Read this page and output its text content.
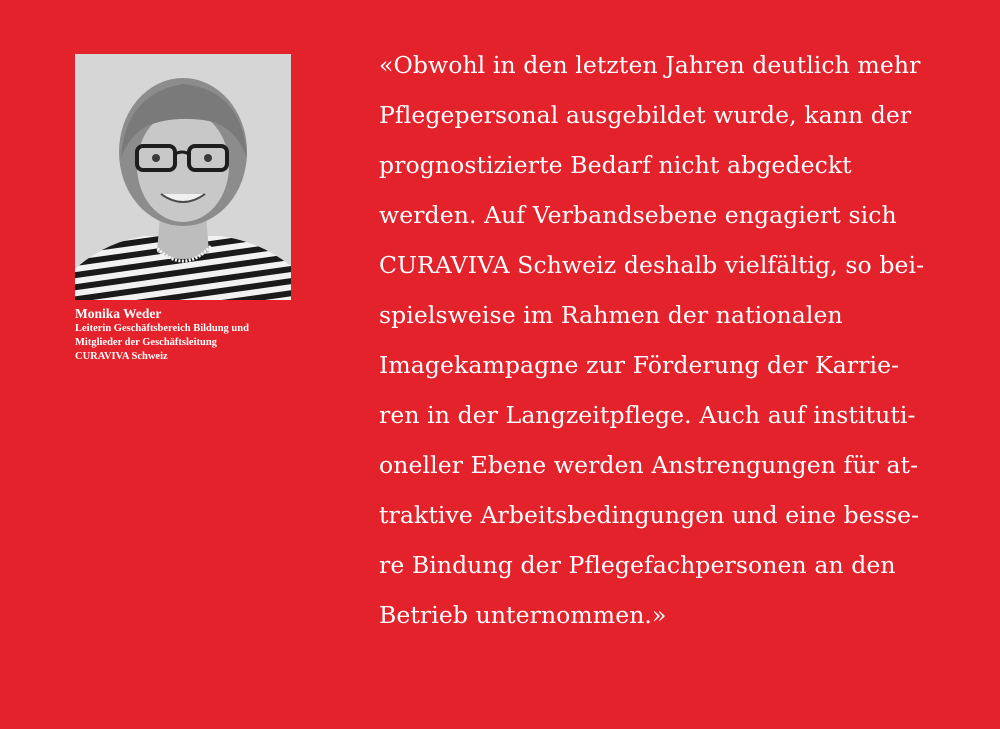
Monika Weder
Leiterin Geschäftsbereich Bildung und
Mitglieder der Geschäftsleitung
CURAVIVA Schweiz
«Obwohl in den letzten Jahren deutlich mehr
Pflegepersonal ausgebildet wurde, kann der
prognostizierte Bedarf nicht abgedeckt
werden. Auf Verbandsebene engagiert sich
CURAVIVA Schweiz deshalb vielfältig, so bei-
spielsweise im Rahmen der nationalen
Imagekampagne zur Förderung der Karrie-
ren in der Langzeitpflege. Auch auf instituti-
oneller Ebene werden Anstrengungen für at-
traktive Arbeitsbedingungen und eine besse-
re Bindung der Pflegefachpersonen an den
Betrieb unternommen.»
